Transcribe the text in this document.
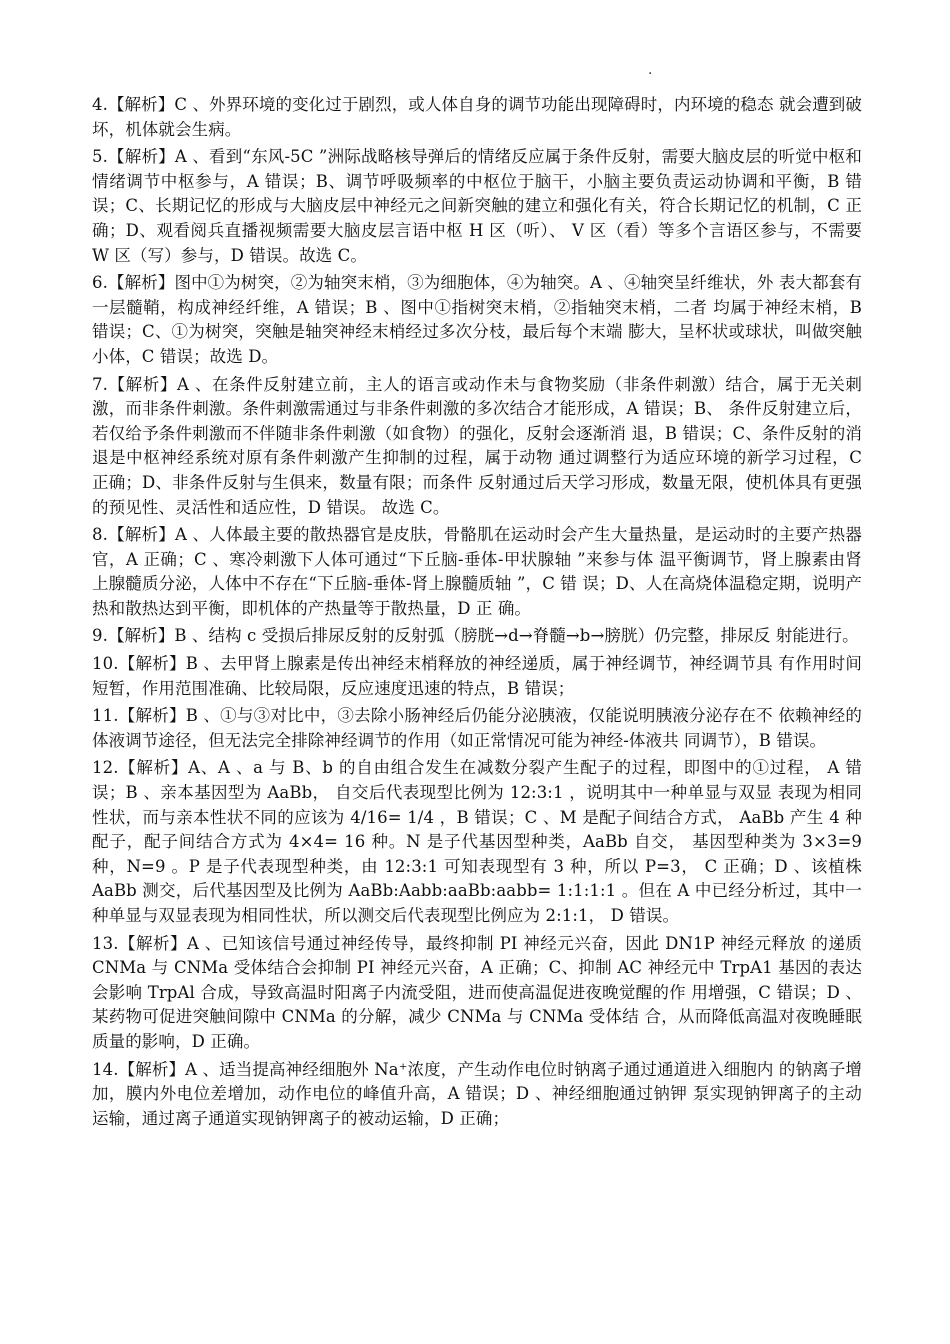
.

4.【解析】C 、外界环境的变化过于剧烈，或人体自身的调节功能出现障碍时，内环境的稳态 就会遭到破坏，机体就会生病。

5.【解析】A 、看到“东风-5C ”洲际战略核导弹后的情绪反应属于条件反射，需要大脑皮层的听觉中枢和情绪调节中枢参与，A 错误；B、调节呼吸频率的中枢位于脑干，小脑主要负责运动协调和平衡，B 错误；C、长期记忆的形成与大脑皮层中神经元之间新突触的建立和强化有关，符合长期记忆的机制，C 正确；D、观看阅兵直播视频需要大脑皮层言语中枢 H 区（听）、 V 区（看）等多个言语区参与，不需要 W 区（写）参与，D 错误。故选 C。

6.【解析】图中①为树突，②为轴突末梢，③为细胞体，④为轴突。A 、④轴突呈纤维状，外 表大都套有一层髓鞘，构成神经纤维，A 错误；B 、图中①指树突末梢，②指轴突末梢，二者 均属于神经末梢，B 错误；C、①为树突，突触是轴突神经末梢经过多次分枝，最后每个末端 膨大，呈杯状或球状，叫做突触小体，C 错误；故选 D。

7.【解析】A 、在条件反射建立前，主人的语言或动作未与食物奖励（非条件刺激）结合，属于无关刺激，而非条件刺激。条件刺激需通过与非条件刺激的多次结合才能形成，A 错误；B、 条件反射建立后，若仅给予条件刺激而不伴随非条件刺激（如食物）的强化，反射会逐渐消 退，B 错误；C、条件反射的消退是中枢神经系统对原有条件刺激产生抑制的过程，属于动物 通过调整行为适应环境的新学习过程，C 正确；D、非条件反射与生俱来，数量有限；而条件 反射通过后天学习形成，数量无限，使机体具有更强的预见性、灵活性和适应性，D 错误。 故选 C。

8.【解析】A 、人体最主要的散热器官是皮肤，骨骼肌在运动时会产生大量热量，是运动时的主要产热器官，A 正确；C 、寒冷刺激下人体可通过“下丘脑-垂体-甲状腺轴 ”来参与体 温平衡调节，肾上腺素由肾上腺髓质分泌，人体中不存在“下丘脑-垂体-肾上腺髓质轴 ”，C 错 误；D、人在高烧体温稳定期，说明产热和散热达到平衡，即机体的产热量等于散热量，D 正 确。

9.【解析】B 、结构 c 受损后排尿反射的反射弧（膀胱→d→脊髓→b→膀胱）仍完整，排尿反 射能进行。

10.【解析】B 、去甲肾上腺素是传出神经末梢释放的神经递质，属于神经调节，神经调节具 有作用时间短暂，作用范围准确、比较局限，反应速度迅速的特点，B 错误；

11.【解析】B 、①与③对比中，③去除小肠神经后仍能分泌胰液，仅能说明胰液分泌存在不 依赖神经的体液调节途径，但无法完全排除神经调节的作用（如正常情况可能为神经-体液共 同调节），B 错误。

12.【解析】A、A 、a 与 B、b 的自由组合发生在减数分裂产生配子的过程，即图中的①过程， A 错误；B 、亲本基因型为 AaBb， 自交后代表现型比例为 12:3:1 ，说明其中一种单显与双显 表现为相同性状，而与亲本性状不同的应该为 4/16= 1/4 ，B 错误；C 、M 是配子间结合方式， AaBb 产生 4 种配子，配子间结合方式为 4×4= 16 种。N 是子代基因型种类，AaBb 自交， 基因型种类为 3×3=9 种，N=9 。P 是子代表现型种类，由 12:3:1 可知表现型有 3 种，所以 P=3， C 正确；D 、该植株 AaBb 测交，后代基因型及比例为 AaBb:Aabb:aaBb:aabb= 1:1:1:1 。但在 A 中已经分析过，其中一种单显与双显表现为相同性状，所以测交后代表现型比例应为 2:1:1， D 错误。

13.【解析】A 、已知该信号通过神经传导，最终抑制 PI 神经元兴奋，因此 DN1P 神经元释放 的递质 CNMa 与 CNMa 受体结合会抑制 PI 神经元兴奋，A 正确；C、抑制 AC 神经元中 TrpA1 基因的表达会影响 TrpAl 合成，导致高温时阳离子内流受阻，进而使高温促进夜晚觉醒的作 用增强，C 错误；D 、某药物可促进突触间隙中 CNMa 的分解，减少 CNMa 与 CNMa 受体结 合，从而降低高温对夜晚睡眠质量的影响，D 正确。

14.【解析】A 、适当提高神经细胞外 Na⁺浓度，产生动作电位时钠离子通过通道进入细胞内 的钠离子增加，膜内外电位差增加，动作电位的峰值升高，A 错误；D 、神经细胞通过钠钾 泵实现钠钾离子的主动运输，通过离子通道实现钠钾离子的被动运输，D 正确；
